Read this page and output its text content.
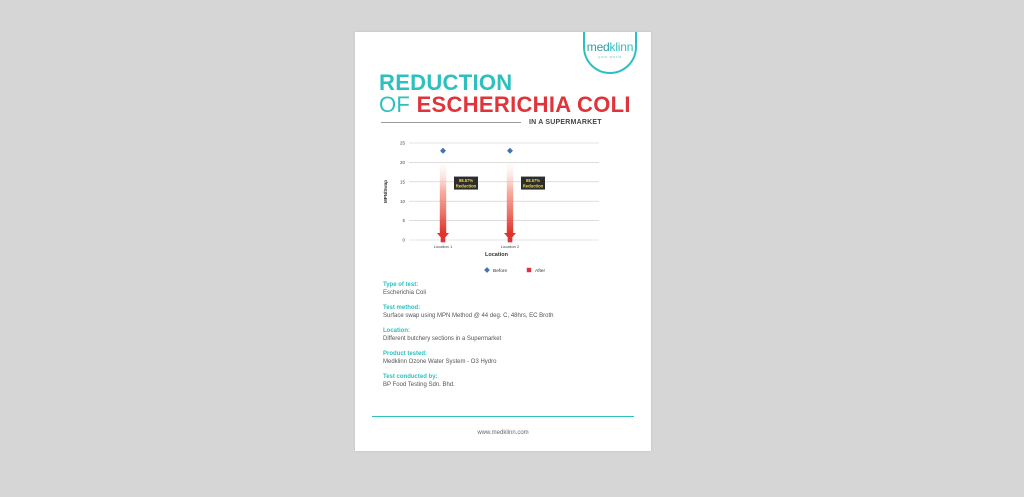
medklinn
your world
REDUCTION
OF ESCHERICHIA COLI
IN A SUPERMARKET
0
5
10
15
20
25
MPN/Swap
Location 1	Location 2
Location
98.57%
Reduction
98.57%
Reduction
Before	After

Type of test:

Escherichia Coli

Test method:

Surface swap using MPN Method @ 44 deg. C, 48hrs, EC Broth

Location:

Different butchery sections in a Supermarket

Product tested:

Medklinn Ozone Water System - O3 Hydro

Test conducted by:

BP Food Testing Sdn. Bhd.

www.medklinn.com
